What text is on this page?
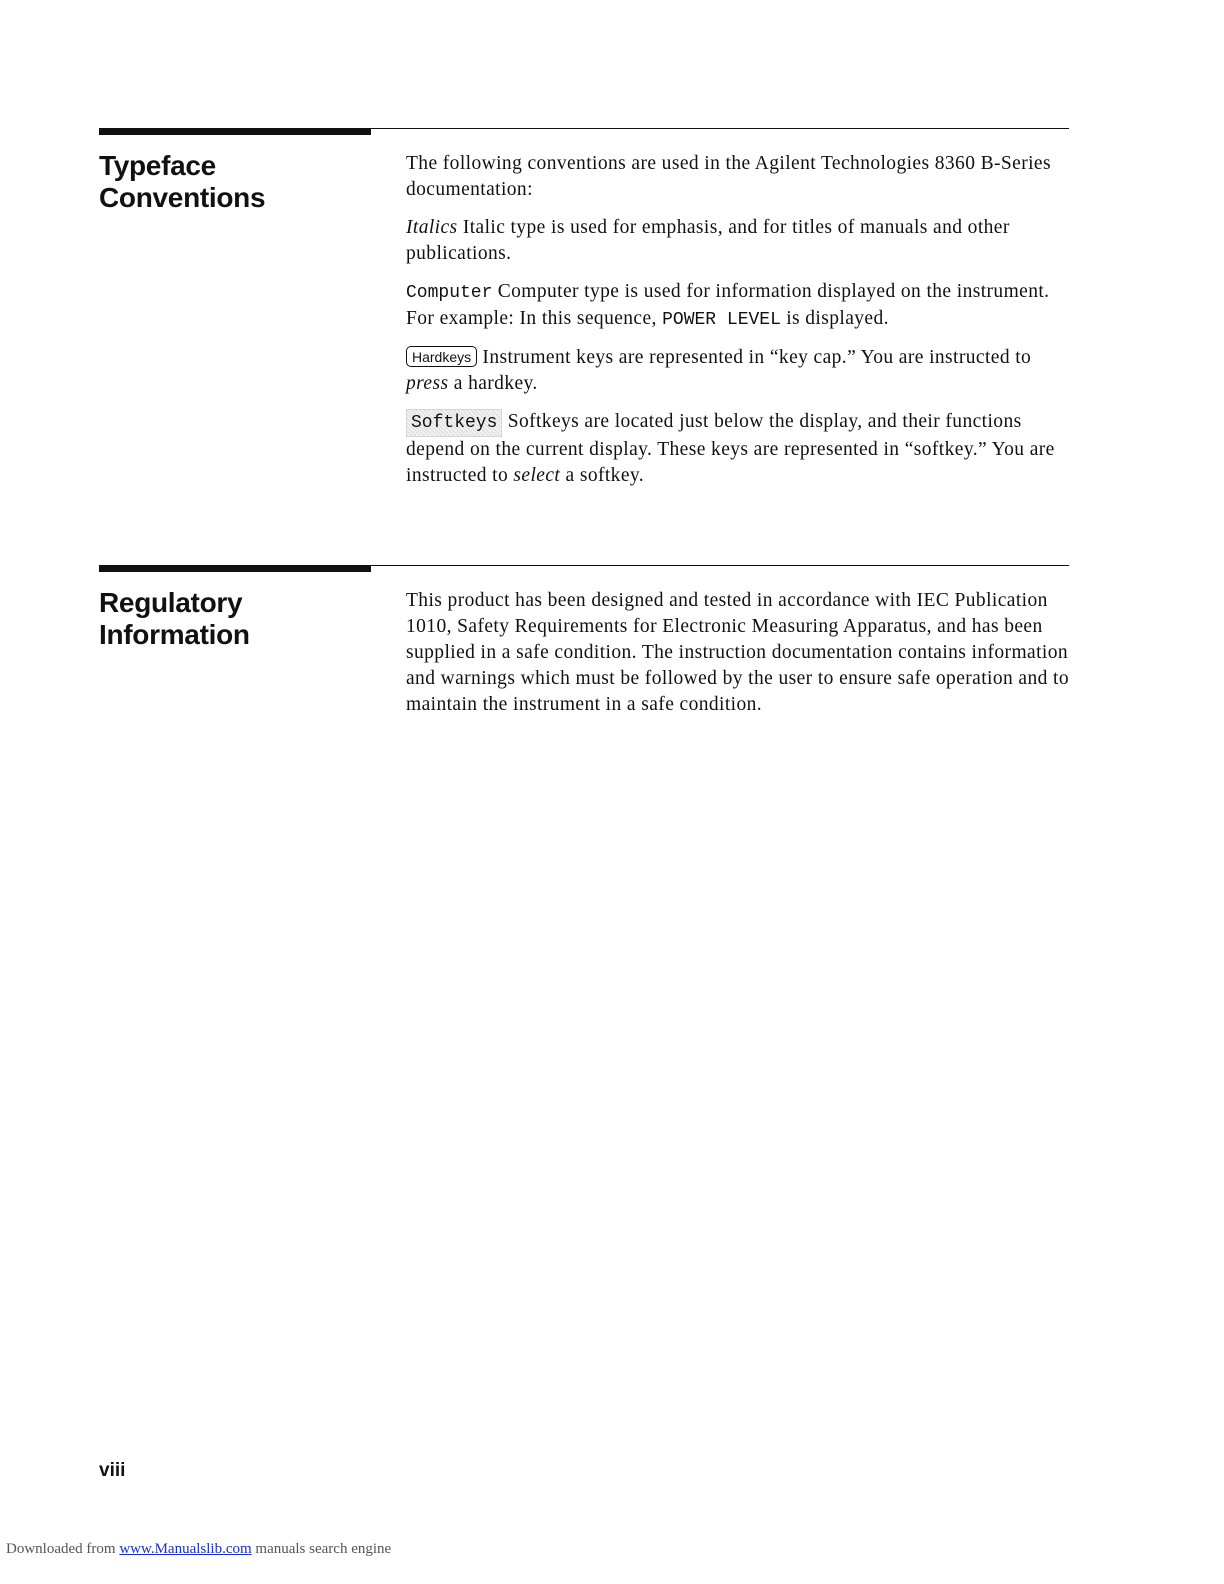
Typeface
Conventions

The following conventions are used in the Agilent Technologies 8360 B-Series documentation:

Italics Italic type is used for emphasis, and for titles of manuals and other publications.

Computer Computer type is used for information displayed on the instrument. For example: In this sequence, POWER LEVEL is displayed.

Hardkeys Instrument keys are represented in “key cap.” You are instructed to press a hardkey.

Softkeys Softkeys are located just below the display, and their functions depend on the current display. These keys are represented in “softkey.” You are instructed to select a softkey.

Regulatory
Information

This product has been designed and tested in accordance with IEC Publication 1010, Safety Requirements for Electronic Measuring Apparatus, and has been supplied in a safe condition. The instruction documentation contains information and warnings which must be followed by the user to ensure safe operation and to maintain the instrument in a safe condition.

viii
Downloaded from www.Manualslib.com manuals search engine
